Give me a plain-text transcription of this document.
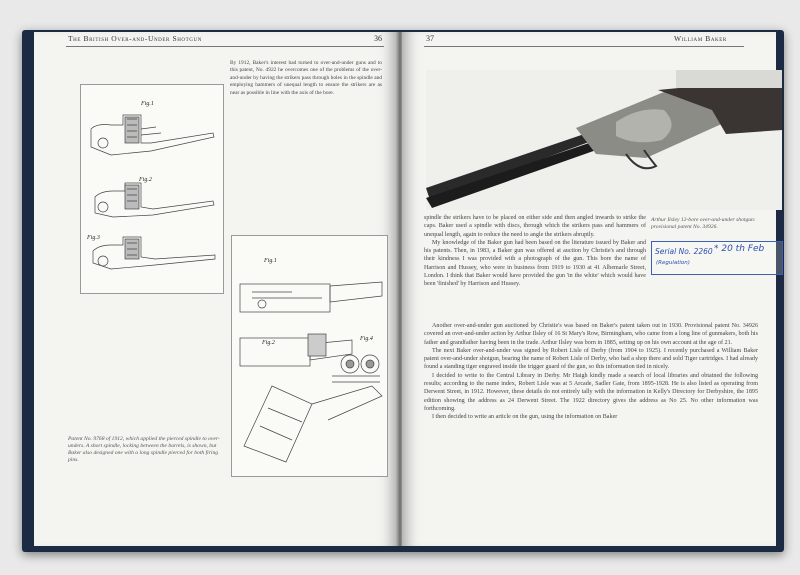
The British Over-and-Under Shotgun	36
By 1912, Baker's interest had turned to over-and-under guns and to this patent, No. 4922 he overcomes one of the problems of the over-and-under by having the strikers pass through holes in the spindle and employing hammers of unequal length to ensure the strikers are as near as possible in line with the axis of the bore.
Fig.1
Fig.2
Fig.3
Fig.1
Fig.2
Fig.4
Patent No. 9768 of 1912, which applied the pierced spindle to over-unders. A short spindle, locking between the barrels, is shown, but Baker also designed one with a long spindle pierced for both firing pins.
37	William Baker
Arthur Ilsley 12-bore over-and-under shotgun: provisional patent No. 34926.
Serial No. 2260 * 20 th Feb
(Regulation)

spindle the strikers have to be placed on either side and then angled inwards to strike the caps. Baker used a spindle with discs, through which the strikers pass and hammers of unequal length, again to reduce the need to angle the strikers abruptly.

My knowledge of the Baker gun had been based on the literature issued by Baker and his patents. Then, in 1983, a Baker gun was offered at auction by Christie's and through their kindness I was provided with a photograph of the gun. This bore the name of Harrison and Hussey, who were in business from 1919 to 1930 at 41 Albemarle Street, London. I think that Baker would have provided the gun 'in the white' which would have been 'finished' by Harrison and Hussey.

Another over-and-under gun auctioned by Christie's was based on Baker's patent taken out in 1930. Provisional patent No. 34926 covered an over-and-under action by Arthur Ilsley of 16 St Mary's Row, Birmingham, who came from a long line of gunmakers, both his father and grandfather having been in the trade. Arthur Ilsley was born in 1885, setting up on his own account at the age of 21.

The next Baker over-and-under was signed by Robert Lisle of Derby (from 1904 to 1925). I recently purchased a William Baker patent over-and-under shotgun, bearing the name of Robert Lisle of Derby, who had a shop there and sold Tiger cartridges. I had already found a standing tiger engraved inside the trigger guard of the gun, so this information tied in nicely.

I decided to write to the Central Library in Derby. Mr Haigh kindly made a search of local libraries and obtained the following results; according to the name index, Robert Lisle was at 5 Arcade, Sadler Gate, from 1895-1928. He is also listed as operating from Derwent Street, in 1912. However, these details do not entirely tally with the information in Kelly's Directory for Derbyshire, the 1895 edition showing the address as 24 Derwent Street. The 1922 directory gives the address as No 25. No other information was forthcoming.

I then decided to write an article on the gun, using the information on Baker
